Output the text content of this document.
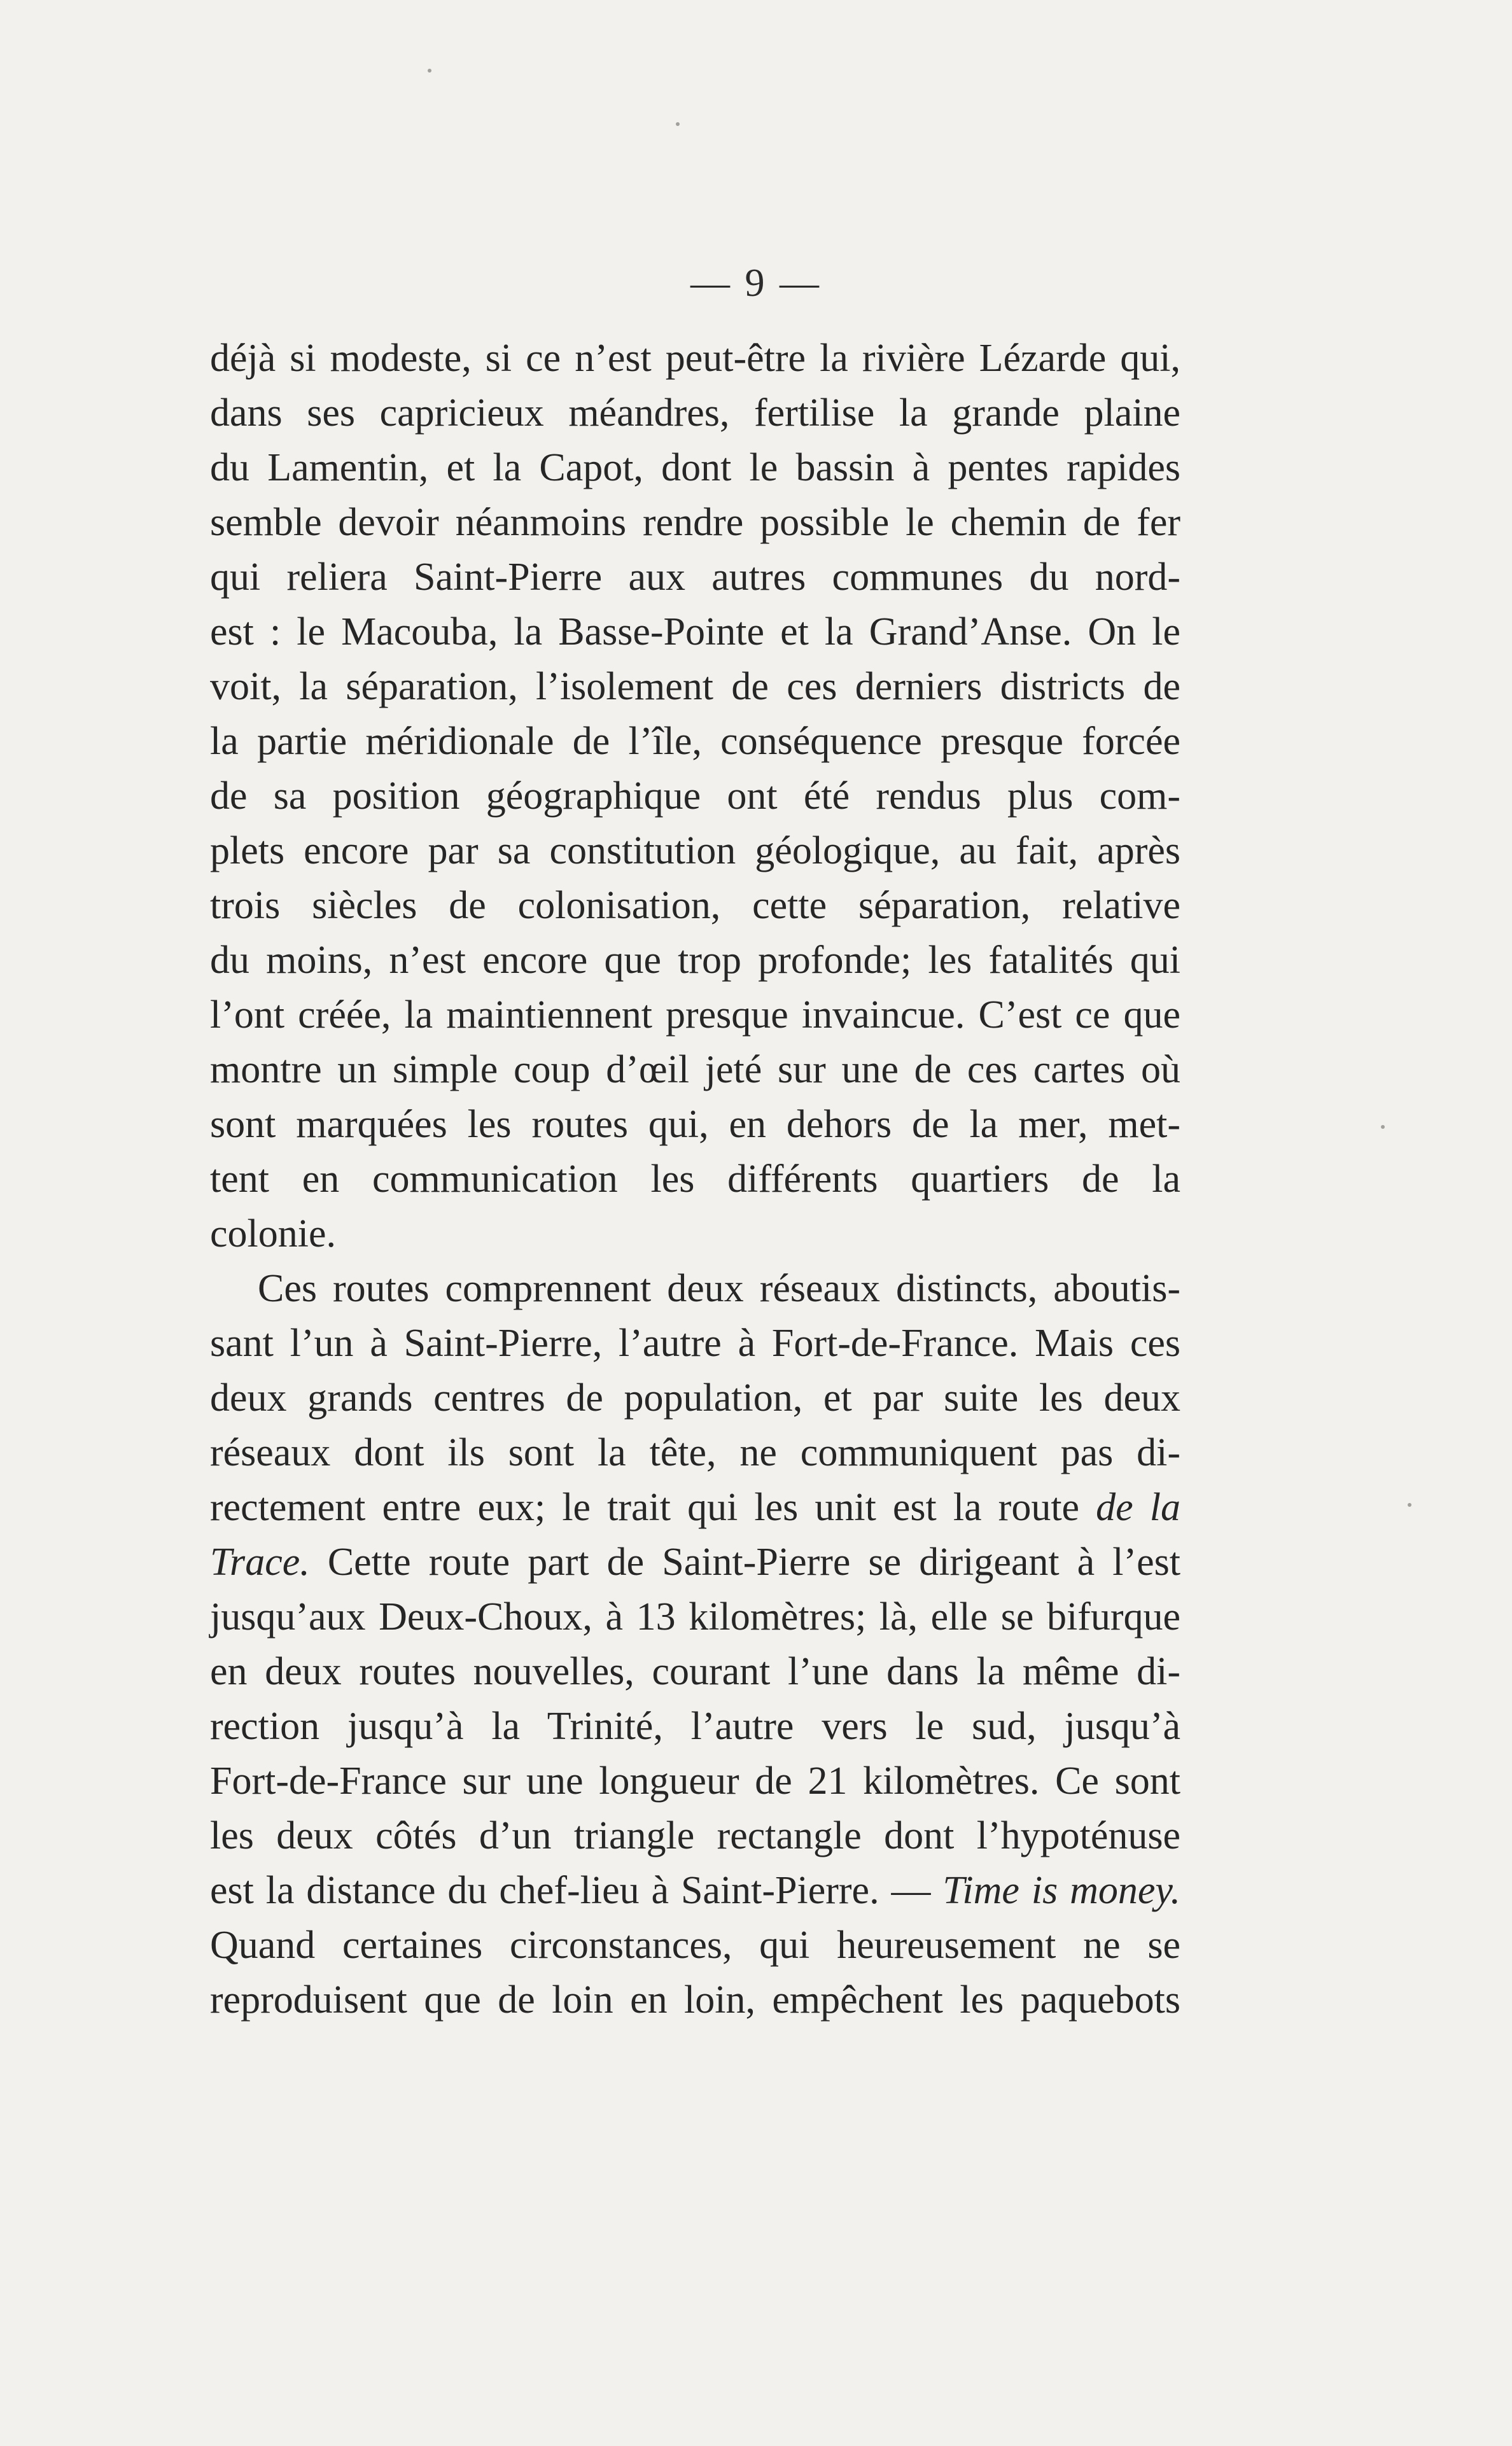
— 9 —
déjà si modeste, si ce n’est peut-être la rivière Lézarde qui,
dans ses capricieux méandres, fertilise la grande plaine
du Lamentin, et la Capot, dont le bassin à pentes rapides
semble devoir néanmoins rendre possible le chemin de fer
qui reliera Saint-Pierre aux autres communes du nord-
est : le Macouba, la Basse-Pointe et la Grand’Anse. On le
voit, la séparation, l’isolement de ces derniers districts de
la partie méridionale de l’île, conséquence presque forcée
de sa position géographique ont été rendus plus com-
plets encore par sa constitution géologique, au fait, après
trois siècles de colonisation, cette séparation, relative
du moins, n’est encore que trop profonde; les fatalités qui
l’ont créée, la maintiennent presque invaincue. C’est ce que
montre un simple coup d’œil jeté sur une de ces cartes où
sont marquées les routes qui, en dehors de la mer, met-
tent en communication les différents quartiers de la
colonie.
Ces routes comprennent deux réseaux distincts, aboutis-
sant l’un à Saint-Pierre, l’autre à Fort-de-France. Mais ces
deux grands centres de population, et par suite les deux
réseaux dont ils sont la tête, ne communiquent pas di-
rectement entre eux; le trait qui les unit est la route de la
Trace. Cette route part de Saint-Pierre se dirigeant à l’est
jusqu’aux Deux-Choux, à 13 kilomètres; là, elle se bifurque
en deux routes nouvelles, courant l’une dans la même di-
rection jusqu’à la Trinité, l’autre vers le sud, jusqu’à
Fort-de-France sur une longueur de 21 kilomètres. Ce sont
les deux côtés d’un triangle rectangle dont l’hypoténuse
est la distance du chef-lieu à Saint-Pierre. — Time is money.
Quand certaines circonstances, qui heureusement ne se
reproduisent que de loin en loin, empêchent les paquebots
